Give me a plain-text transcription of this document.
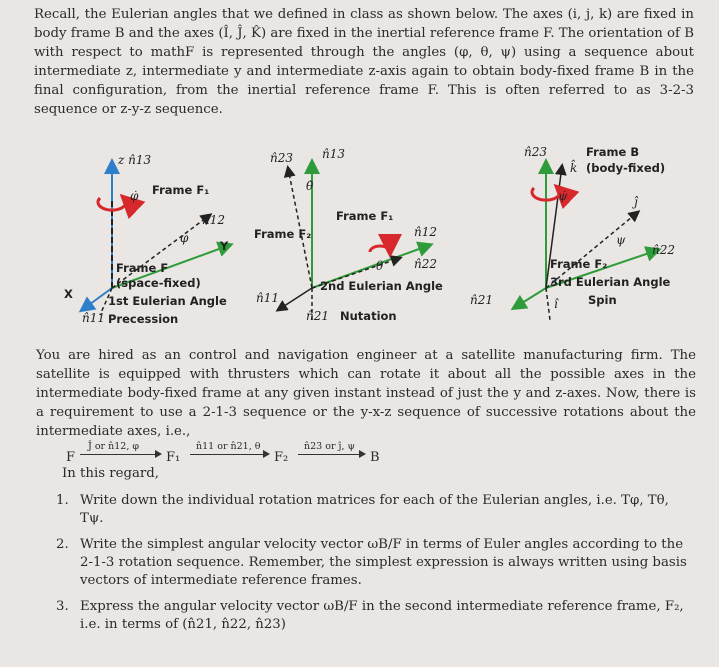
Recall, the Eulerian angles that we defined in class as shown below. The axes (i, j, k) are fixed in body frame B and the axes (Î, Ĵ, K̂) are fixed in the inertial reference frame F. The orientation of B with respect to mathF is represented through the angles (φ, θ, ψ) using a sequence about intermediate z, intermediate y and intermediate z-axis again to obtain body-fixed frame B in the final configuration, from the inertial reference frame F. This is often referred to as 3-2-3 sequence or z-y-z sequence.
z n̂13
φ̇ Frame F₁
n̂12
φ
Y
X
Frame F
(space-fixed)
1st Eulerian Angle
n̂11 Precession
n̂23 n̂13
θ̇
Frame F₁
Frame F₂	n̂12
θ	n̂22
n̂11
2nd Eulerian Angle
n̂21 Nutation
n̂23
k̂
Frame B
(body-fixed)
ψ̇	ĵ
ψ
n̂22
Frame F₂
3rd Eulerian Angle
Spin
n̂21	î
You are hired as an control and navigation engineer at a satellite manufacturing firm. The satellite is equipped with thrusters which can rotate it about all the possible axes in the intermediate body-fixed frame at any given instant instead of just the y and z-axes. Now, there is a requirement to use a 2-1-3 sequence or the y-x-z sequence of successive rotations about the intermediate axes, i.e.,
F
Ĵ or n̂12, φ
F₁
n̂11 or n̂21, θ
F₂
n̂23 or ĵ, ψ
B
In this regard,
1. Write down the individual rotation matrices for each of the Eulerian angles, i.e. Tφ, Tθ, Tψ.
2. Write the simplest angular velocity vector ωB/F in terms of Euler angles according to the 2-1-3 rotation sequence. Remember, the simplest expression is always written using basis vectors of intermediate reference frames.
3. Express the angular velocity vector ωB/F in the second intermediate reference frame, F₂, i.e. in terms of (n̂21, n̂22, n̂23)
